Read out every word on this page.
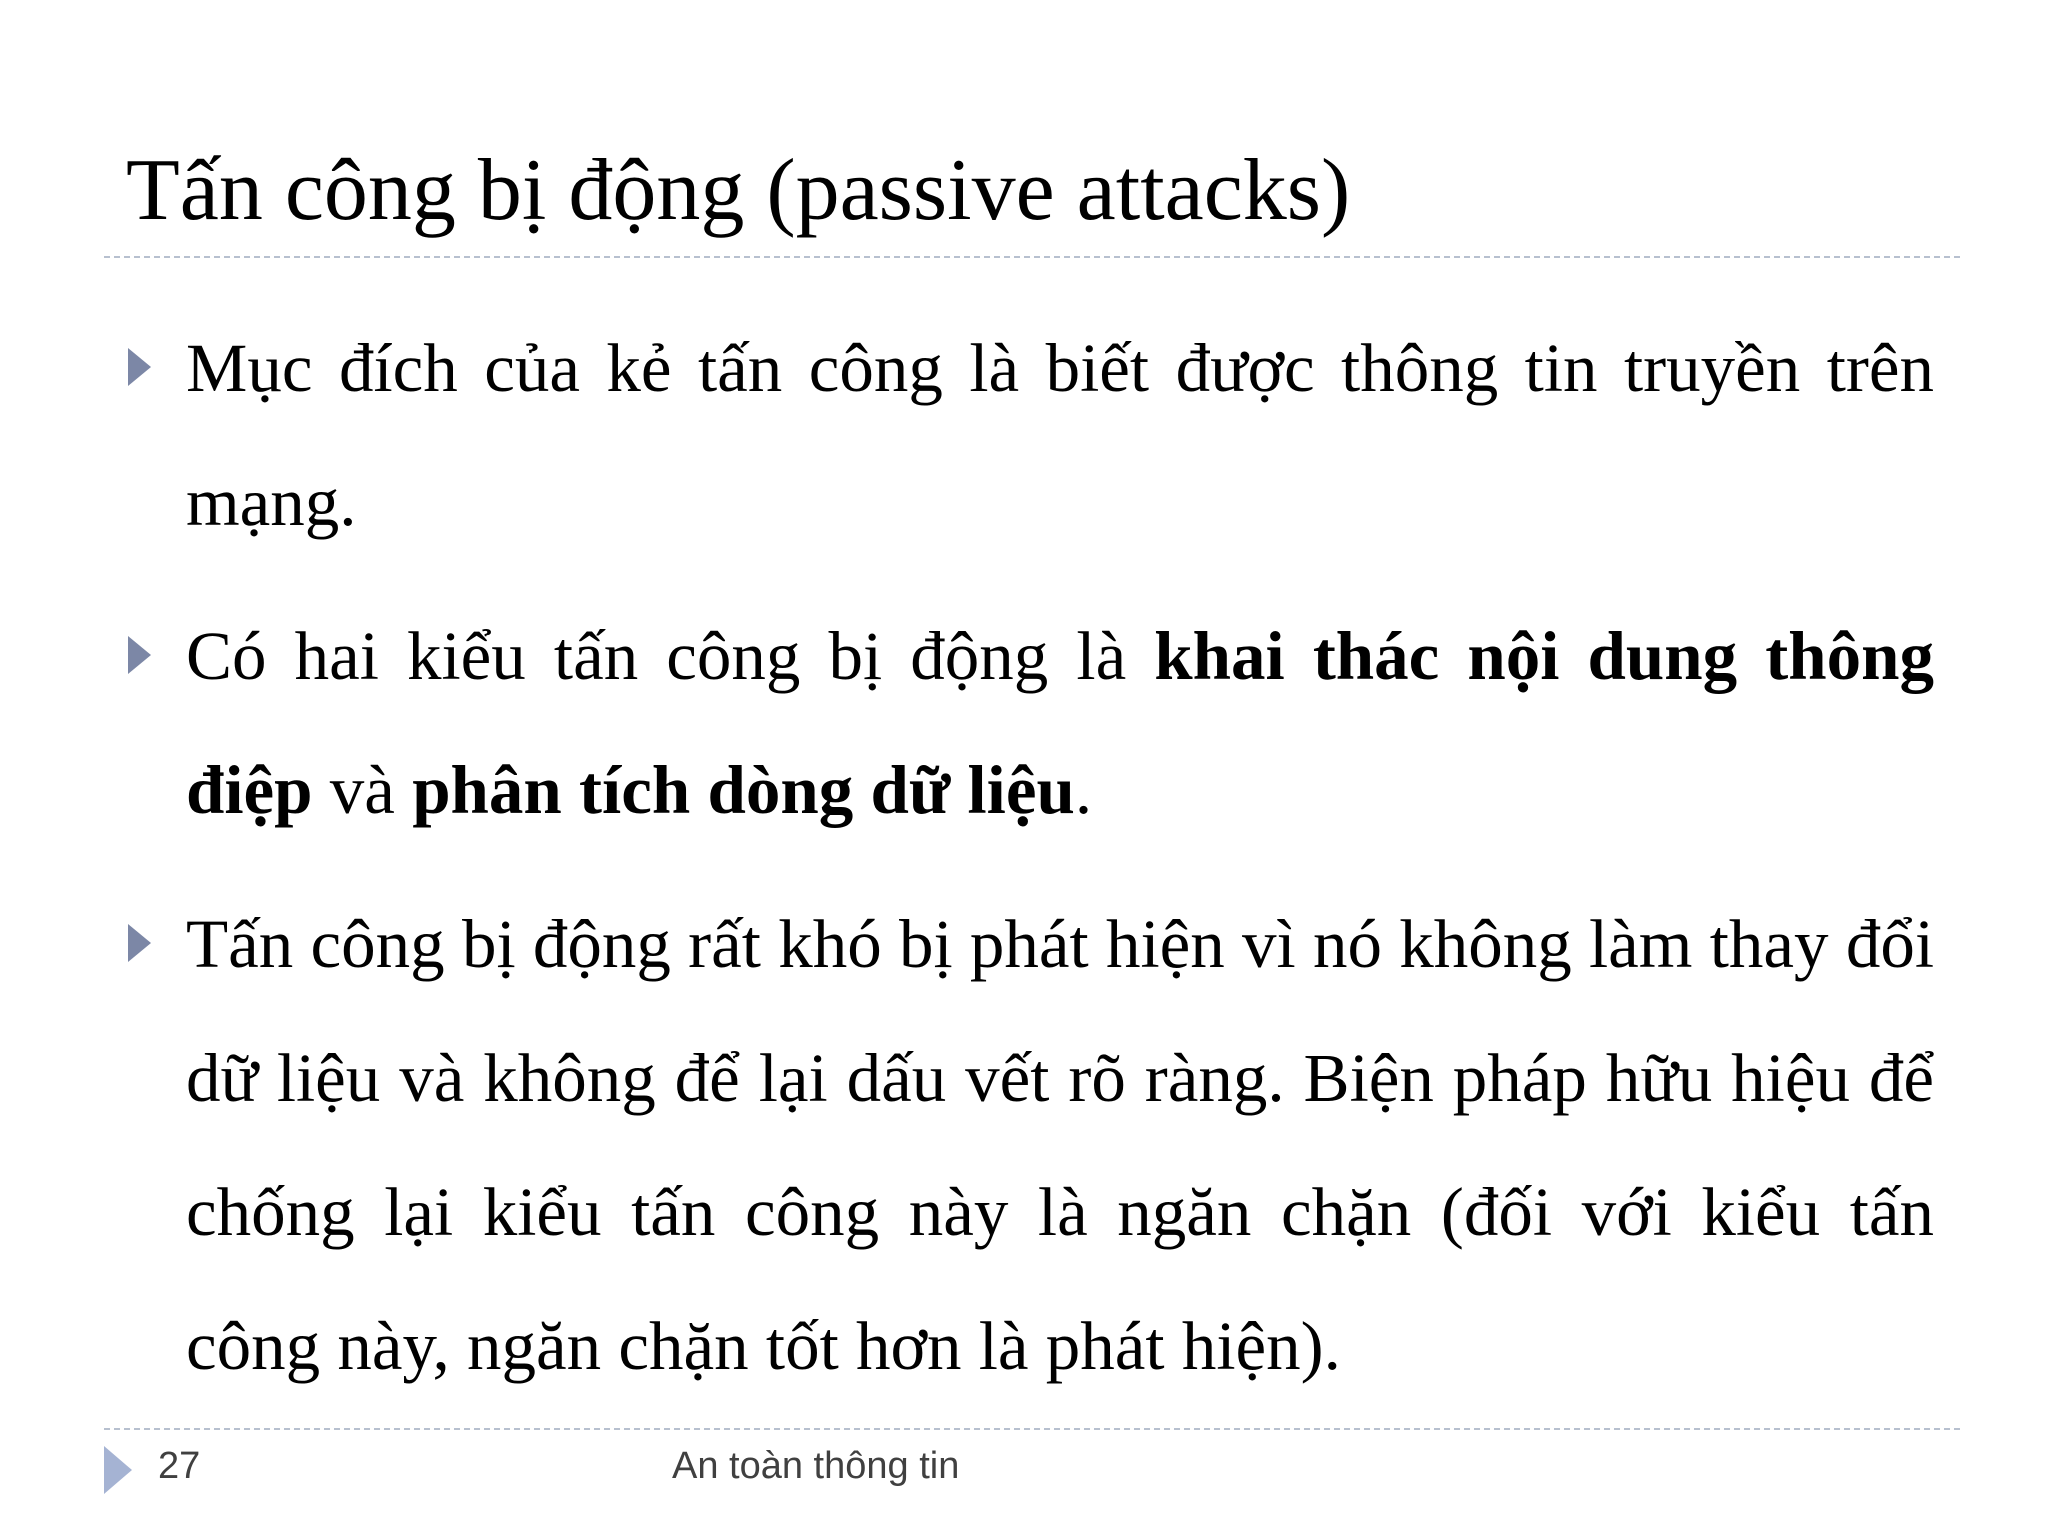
Tấn công bị động (passive attacks)

Mục đích của kẻ tấn công là biết được thông tin truyền trên mạng.

Có hai kiểu tấn công bị động là khai thác nội dung thông điệp và phân tích dòng dữ liệu.

Tấn công bị động rất khó bị phát hiện vì nó không làm thay đổi dữ liệu và không để lại dấu vết rõ ràng. Biện pháp hữu hiệu để chống lại kiểu tấn công này là ngăn chặn (đối với kiểu tấn công này, ngăn chặn tốt hơn là phát hiện).

27	An toàn thông tin
